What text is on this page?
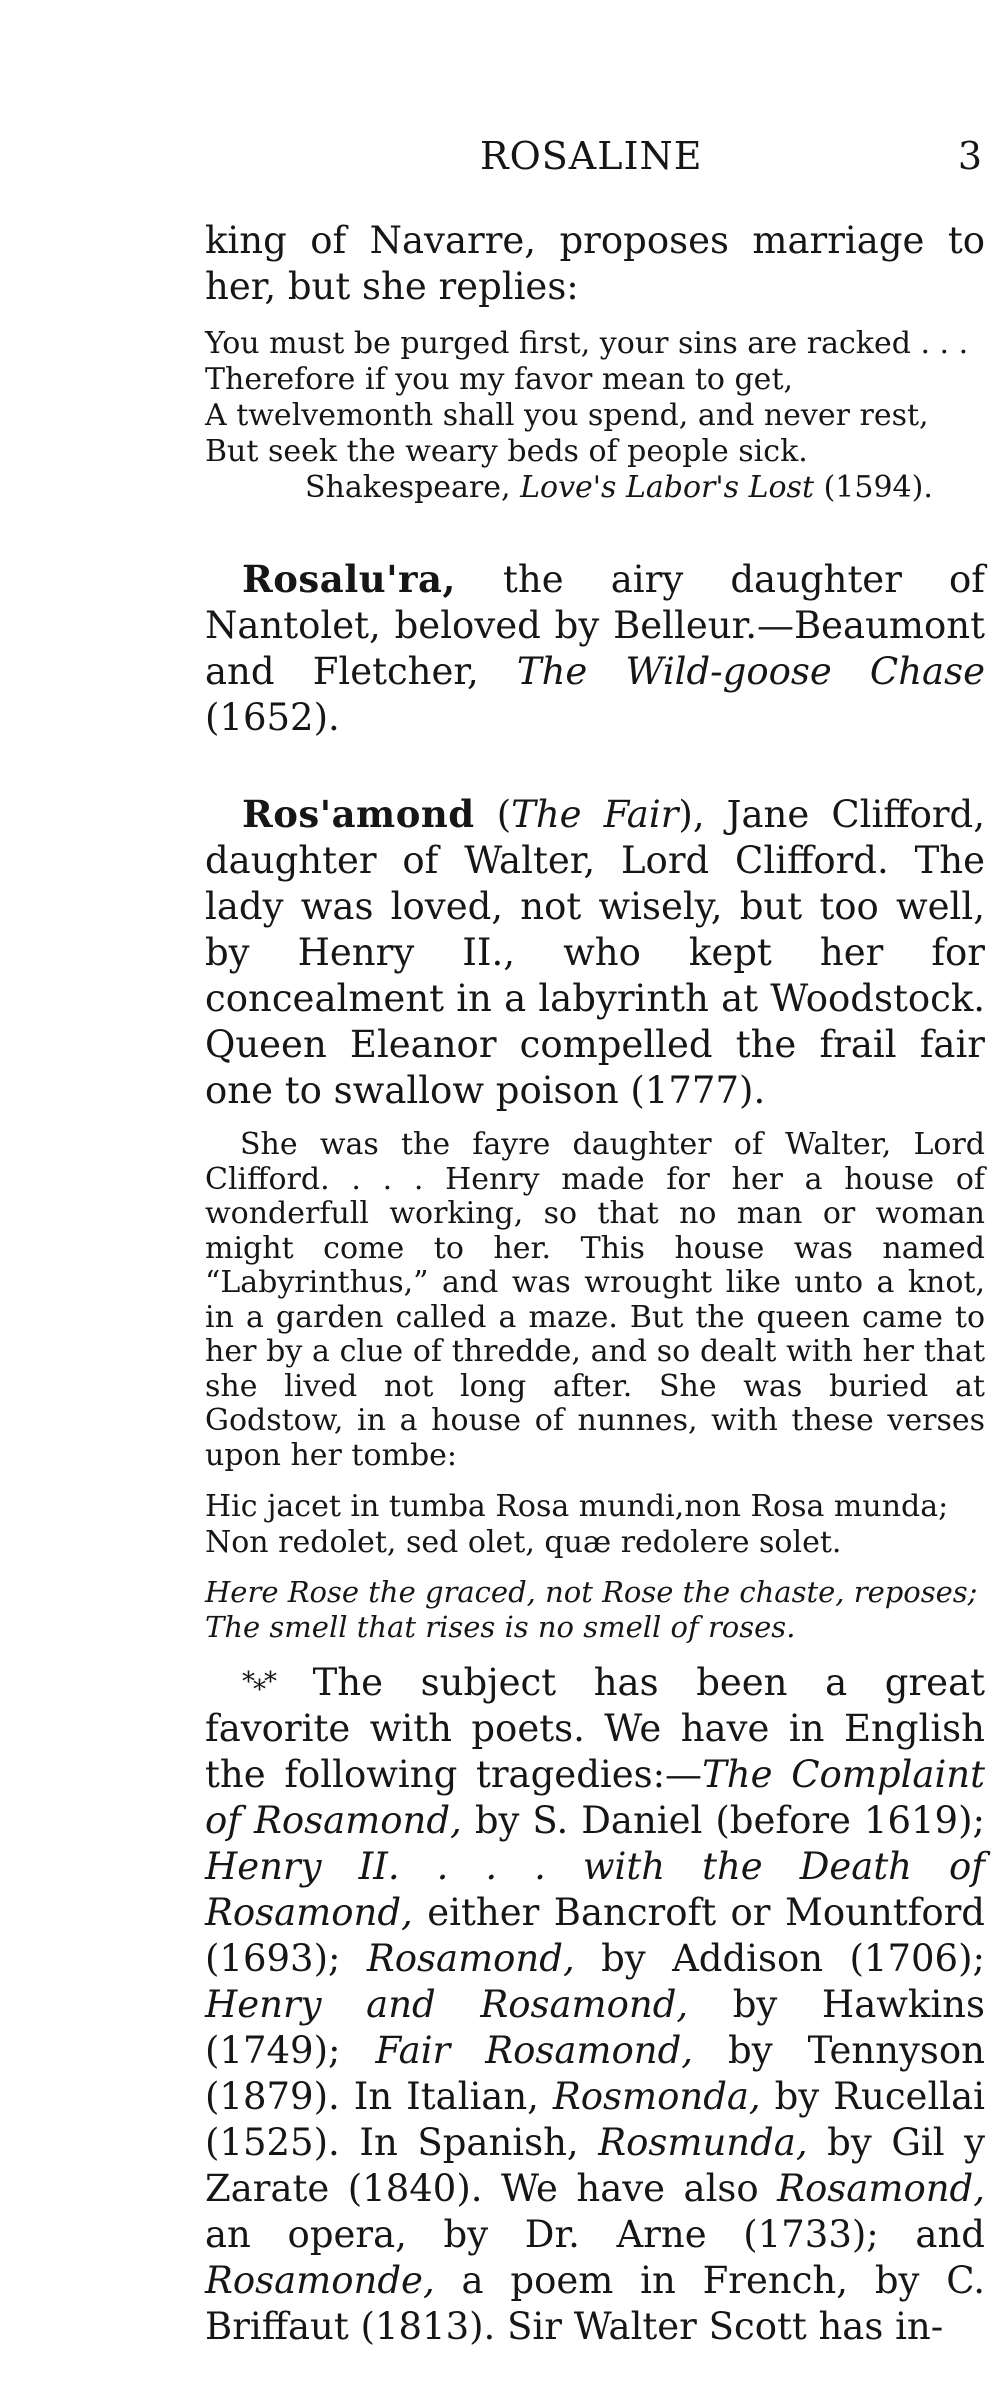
ROSALINE	3

king of Navarre, proposes marriage to her, but she replies:

You must be purged first, your sins are racked . . .
Therefore if you my favor mean to get,
A twelvemonth shall you spend, and never rest,
But seek the weary beds of people sick.
Shakespeare, Love's Labor's Lost (1594).

Rosalu'ra, the airy daughter of Nantolet, beloved by Belleur.—Beaumont and Fletcher, The Wild-goose Chase (1652).

Ros'amond (The Fair), Jane Clifford, daughter of Walter, Lord Clifford. The lady was loved, not wisely, but too well, by Henry II., who kept her for concealment in a labyrinth at Woodstock. Queen Eleanor compelled the frail fair one to swallow poison (1777).

She was the fayre daughter of Walter, Lord Clifford. . . . Henry made for her a house of wonderfull working, so that no man or woman might come to her. This house was named “Labyrinthus,” and was wrought like unto a knot, in a garden called a maze. But the queen came to her by a clue of thredde, and so dealt with her that she lived not long after. She was buried at Godstow, in a house of nunnes, with these verses upon her tombe:

Hic jacet in tumba Rosa mundi,non Rosa munda;
Non redolet, sed olet, quæ redolere solet.
Here Rose the graced, not Rose the chaste, reposes;
The smell that rises is no smell of roses.

*⁎* The subject has been a great favorite with poets. We have in English the following tragedies:—The Complaint of Rosamond, by S. Daniel (before 1619); Henry II. . . . with the Death of Rosamond, either Bancroft or Mountford (1693); Rosamond, by Addison (1706); Henry and Rosamond, by Hawkins (1749); Fair Rosamond, by Tennyson (1879). In Italian, Rosmonda, by Rucellai (1525). In Spanish, Rosmunda, by Gil y Zarate (1840). We have also Rosamond, an opera, by Dr. Arne (1733); and Rosamonde, a poem in French, by C. Briffaut (1813). Sir Walter Scott has in-
